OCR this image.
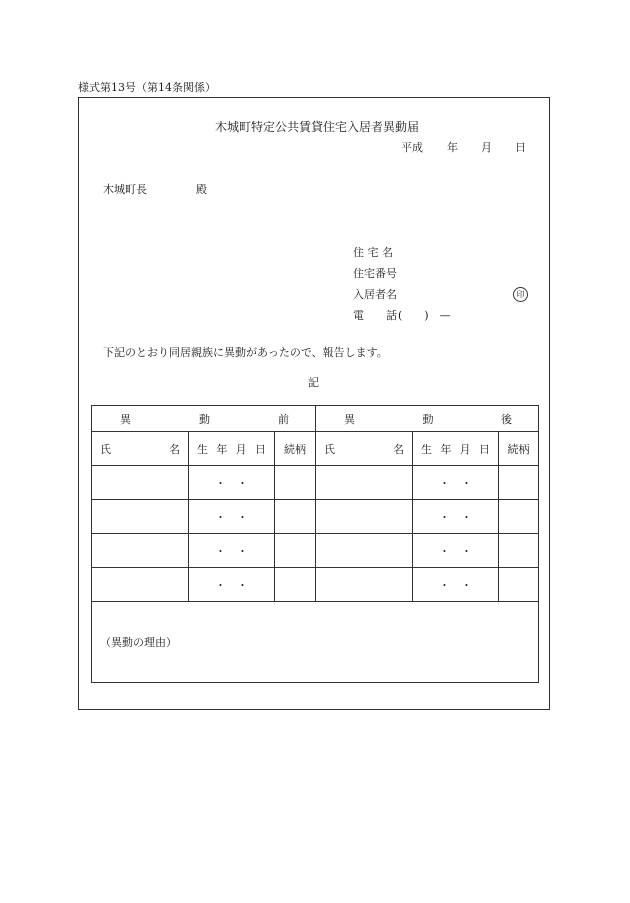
様式第13号（第14条関係）
木城町特定公共賃貸住宅入居者異動届
平成 年 月 日
木城町長	殿
住 宅 名
住宅番号
入居者名	印
電　　話 (　　)　—
下記のとおり同居親族に異動があったので、報告します。
記
異 動 前			異 動 後		

氏 名	生 年 月 日	続柄	氏 名	生 年 月 日	続柄
	・　・			・　・	
	・　・			・　・	
	・　・			・　・	
	・　・			・　・	

（異動の理由）					
